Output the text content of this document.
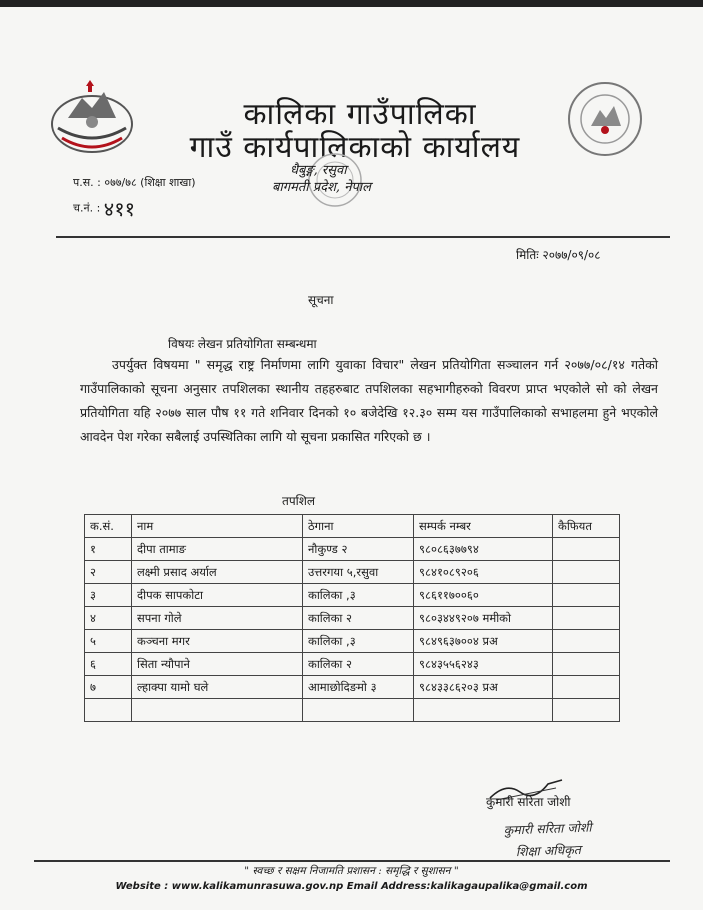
कालिका गाउँपालिका
गाउँ कार्यपालिकाको कार्यालय
धैबुङ्ग, रसुवा
बागमती प्रदेश, नेपाल
प.स. : ०७७/७८ (शिक्षा शाखा)
च.नं. : ४११
मितिः २०७७/०९/०८
सूचना
विषयः लेखन प्रतियोगिता सम्बन्धमा
उपर्युक्त विषयमा " समृद्ध राष्ट्र निर्माणमा लागि युवाका विचार" लेखन प्रतियोगिता सञ्चालन गर्न २०७७/०८/१४ गतेको गाउँपालिकाको सूचना अनुसार तपशिलका स्थानीय तहहरुबाट तपशिलका सहभागीहरुको विवरण प्राप्त भएकोले सो को लेखन प्रतियोगिता यहि २०७७ साल पौष ११ गते शनिवार दिनको १० बजेदेखि १२.३० सम्म यस गाउँपालिकाको सभाहलमा हुने भएकोले आवदेन पेश गरेका सबैलाई उपस्थितिका लागि यो सूचना प्रकासित गरिएको छ ।
तपशिल
क.सं.	नाम	ठेगाना	सम्पर्क नम्बर	कैफियत
१	दीपा तामाङ	नौकुण्ड २	९८०८६३७७९४	
२	लक्ष्मी प्रसाद अर्याल	उत्तरगया ५,रसुवा	९८४१०८९२०६	
३	दीपक सापकोटा	कालिका ,३	९८६११७००६०	
४	सपना गोले	कालिका २	९८०३४४९२०७ ममीको	
५	कञ्चना मगर	कालिका ,३	९८४९६३७००४ प्रअ	
६	सिता न्यौपाने	कालिका २	९८४३५५६२४३	
७	ल्हाक्पा यामो घले	आमाछोदिङमो ३	९८४३३८६२०३ प्रअ	

कुमारी सरिता जोशी
कुमारी सरिता जोशी
शिक्षा अधिकृत
" स्वच्छ र सक्षम निजामति प्रशासन : समृद्धि र सुशासन "
Website : www.kalikamunrasuwa.gov.np Email Address:kalikagaupalika@gmail.com
